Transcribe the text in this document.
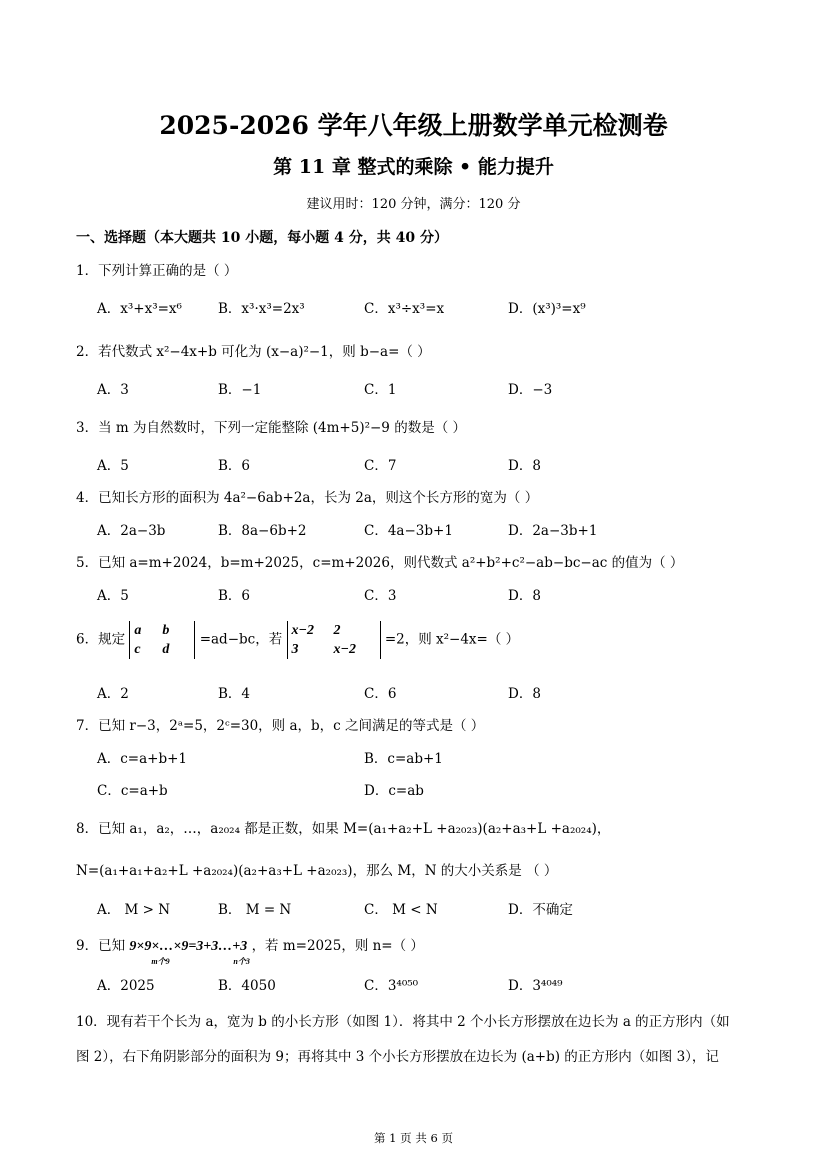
2025-2026 学年八年级上册数学单元检测卷
第 11 章 整式的乘除 • 能力提升
建议用时：120 分钟，满分：120 分
一、选择题（本大题共 10 小题，每小题 4 分，共 40 分）
1．下列计算正确的是（ ）
A．x³+x³=x⁶	B．x³·x³=2x³	C．x³÷x³=x	D．(x³)³=x⁹
2．若代数式 x²−4x+b 可化为 (x−a)²−1，则 b−a=（ ）
A．3	B．−1	C．1	D．−3
3．当 m 为自然数时，下列一定能整除 (4m+5)²−9 的数是（ ）
A．5	B．6	C．7	D．8
4．已知长方形的面积为 4a²−6ab+2a，长为 2a，则这个长方形的宽为（ ）
A．2a−3b	B．8a−6b+2	C．4a−3b+1	D．2a−3b+1
5．已知 a=m+2024，b=m+2025，c=m+2026，则代数式 a²+b²+c²−ab−bc−ac 的值为（ ）
A．5	B．6	C．3	D．8
6．规定 a b
c d =ad−bc，若 x−2 2
3	x−2 =2，则 x²−4x=（ ）
A．2	B．4	C．6	D．8
7．已知 r−3，2ᵃ=5，2ᶜ=30，则 a，b，c 之间满足的等式是（ ）
A．c=a+b+1	B．c=ab+1
C．c=a+b	D．c=ab
8．已知 a₁，a₂，…，a₂₀₂₄ 都是正数，如果 M=(a₁+a₂+L +a₂₀₂₃)(a₂+a₃+L +a₂₀₂₄)，
N=(a₁+a₁+a₂+L +a₂₀₂₄)(a₂+a₃+L +a₂₀₂₃)，那么 M，N 的大小关系是 （ ）
A． M > N	B． M = N	C． M < N	D．不确定
9．已知 9×9×…×9=3+3…+3
m个9	n个3
，若 m=2025，则 n=（ ）
A．2025	B．4050	C．3⁴⁰⁵⁰	D．3⁴⁰⁴⁹
10．现有若干个长为 a，宽为 b 的小长方形（如图 1）．将其中 2 个小长方形摆放在边长为 a 的正方形内（如
图 2），右下角阴影部分的面积为 9；再将其中 3 个小长方形摆放在边长为 (a+b) 的正方形内（如图 3），记
第 1 页 共 6 页
